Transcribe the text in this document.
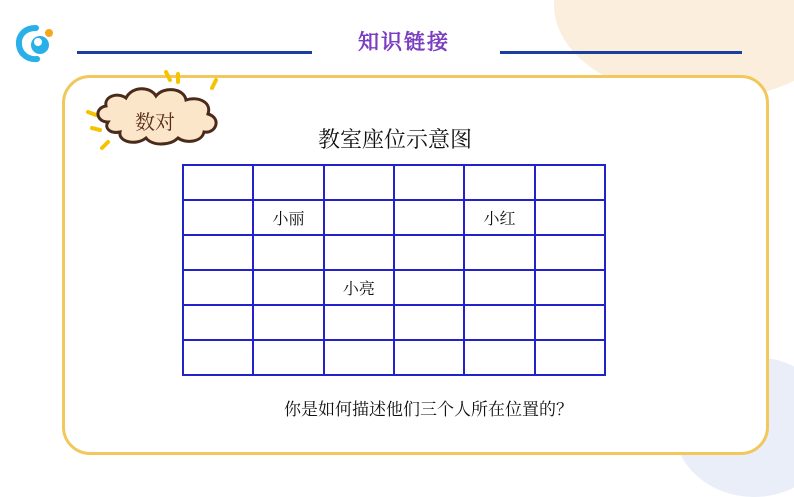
知识链接
数对
教室座位示意图
小丽	小红
小亮
你是如何描述他们三个人所在位置的？
